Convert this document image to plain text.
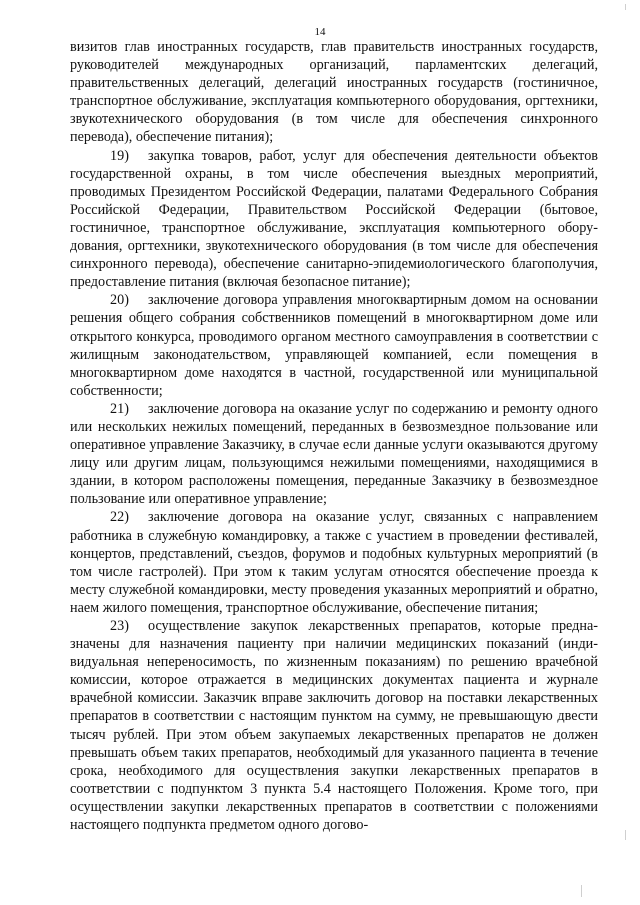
14

визитов глав иностранных государств, глав правительств иностранных государств, руководителей международных организаций, парламентских делегаций, правительственных делегаций, делегаций иностранных государств (гостиничное, транспортное обслуживание, эксплуатация компьютерного оборудования, оргтехники, звукотехнического оборудования (в том числе для обеспечения синхронного перевода), обеспечение питания);

19) закупка товаров, работ, услуг для обеспечения деятельности объектов государственной охраны, в том числе обеспечения выездных мероприятий, проводимых Президентом Российской Федерации, палатами Федерального Собрания Российской Федерации, Правительством Российской Федерации (бытовое, гостиничное, транспортное обслуживание, эксплуатация компьютерного оборудования, оргтехники, звукотехнического оборудования (в том числе для обеспечения синхронного перевода), обеспечение санитарно-эпидемиологического благополучия, предоставление питания (включая безопасное питание);

20) заключение договора управления многоквартирным домом на основании решения общего собрания собственников помещений в многоквартирном доме или открытого конкурса, проводимого органом местного самоуправления в соответствии с жилищным законодательством, управляющей компанией, если помещения в многоквартирном доме находятся в частной, государственной или муниципальной собственности;

21) заключение договора на оказание услуг по содержанию и ремонту одного или нескольких нежилых помещений, переданных в безвозмездное пользование или оперативное управление Заказчику, в случае если данные услуги оказываются другому лицу или другим лицам, пользующимся нежилыми помещениями, находящимися в здании, в котором расположены помещения, переданные Заказчику в безвозмездное пользование или оперативное управление;

22) заключение договора на оказание услуг, связанных с направлением работника в служебную командировку, а также с участием в проведении фестивалей, концертов, представлений, съездов, форумов и подобных культурных мероприятий (в том числе гастролей). При этом к таким услугам относятся обеспечение проезда к месту служебной командировки, месту проведения указанных мероприятий и обратно, наем жилого помещения, транспортное обслуживание, обеспечение питания;

23) осуществление закупок лекарственных препаратов, которые предназначены для назначения пациенту при наличии медицинских показаний (индивидуальная непереносимость, по жизненным показаниям) по решению врачебной комиссии, которое отражается в медицинских документах пациента и журнале врачебной комиссии. Заказчик вправе заключить договор на поставки лекарственных препаратов в соответствии с настоящим пунктом на сумму, не превышающую двести тысяч рублей. При этом объем закупаемых лекарственных препаратов не должен превышать объем таких препаратов, необходимый для указанного пациента в течение срока, необходимого для осуществления закупки лекарственных препаратов в соответствии с подпунктом 3 пункта 5.4 настоящего Положения. Кроме того, при осуществлении закупки лекарственных препаратов в соответствии с положениями настоящего подпункта предметом одного догово-
